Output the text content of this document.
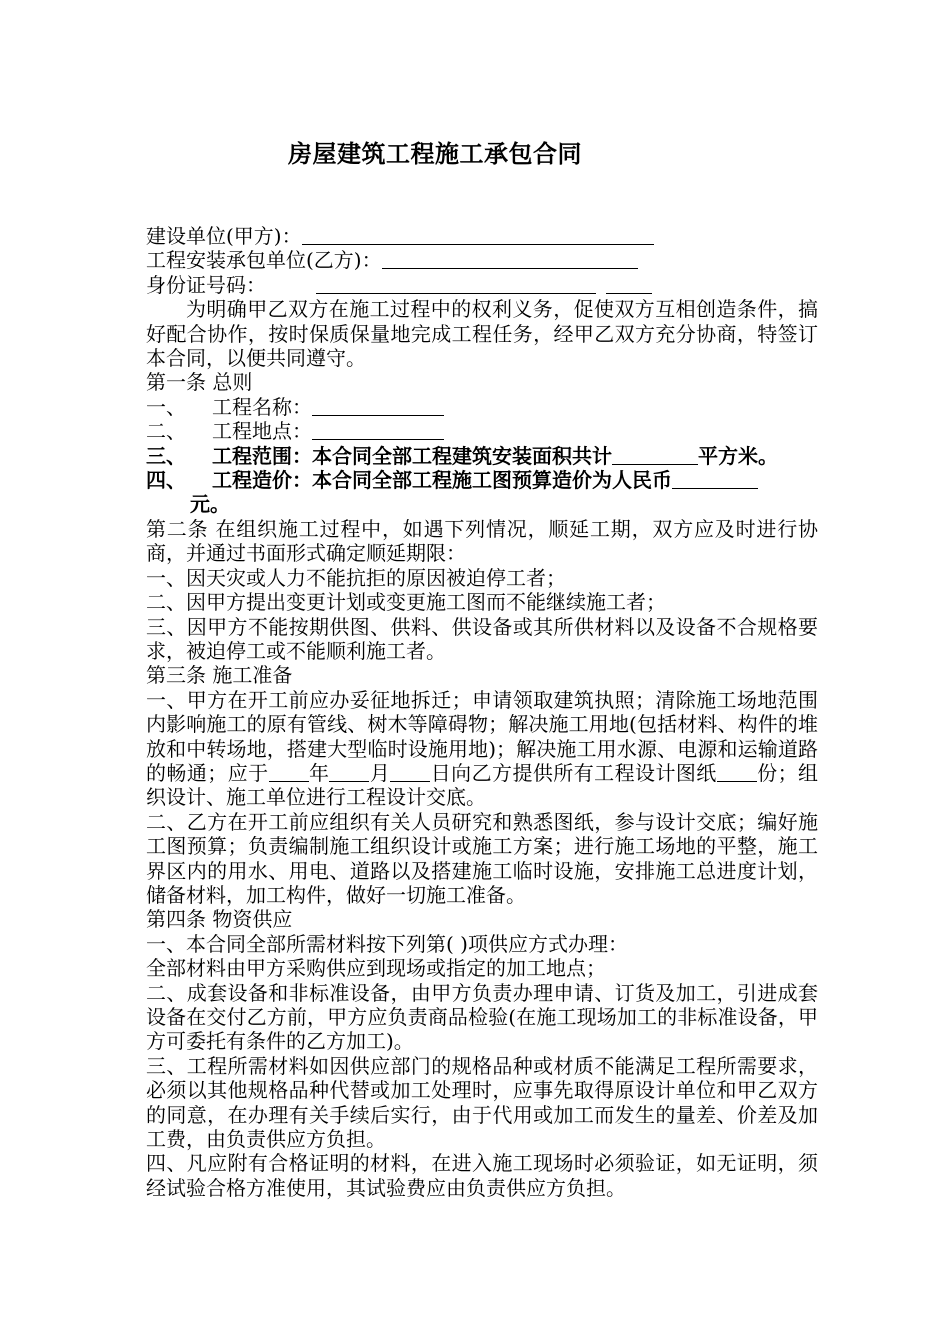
房屋建筑工程施工承包合同
建设单位(甲方)：
工程安装承包单位(乙方)：
身份证号码：
为明确甲乙双方在施工过程中的权利义务，促使双方互相创造条件，搞好配合协作，按时保质保量地完成工程任务，经甲乙双方充分协商，特签订本合同，以便共同遵守。
第一条 总则
一、 工程名称：
二、 工程地点：
三、 工程范围：本合同全部工程建筑安装面积共计	平方米。
四、 工程造价：本合同全部工程施工图预算造价为人民币
元。
第二条 在组织施工过程中，如遇下列情况，顺延工期，双方应及时进行协商，并通过书面形式确定顺延期限：
一、因天灾或人力不能抗拒的原因被迫停工者；
二、因甲方提出变更计划或变更施工图而不能继续施工者；
三、因甲方不能按期供图、供料、供设备或其所供材料以及设备不合规格要求，被迫停工或不能顺利施工者。
第三条 施工准备
一、甲方在开工前应办妥征地拆迁；申请领取建筑执照；清除施工场地范围内影响施工的原有管线、树木等障碍物；解决施工用地(包括材料、构件的堆放和中转场地，搭建大型临时设施用地)；解决施工用水源、电源和运输道路的畅通；应于 年 月 日向乙方提供所有工程设计图纸 份；组织设计、施工单位进行工程设计交底。
二、乙方在开工前应组织有关人员研究和熟悉图纸，参与设计交底；编好施工图预算；负责编制施工组织设计或施工方案；进行施工场地的平整，施工界区内的用水、用电、道路以及搭建施工临时设施，安排施工总进度计划，储备材料，加工构件，做好一切施工准备。
第四条 物资供应
一、本合同全部所需材料按下列第( )项供应方式办理：
全部材料由甲方采购供应到现场或指定的加工地点；
二、成套设备和非标准设备，由甲方负责办理申请、订货及加工，引进成套设备在交付乙方前，甲方应负责商品检验(在施工现场加工的非标准设备，甲方可委托有条件的乙方加工)。
三、工程所需材料如因供应部门的规格品种或材质不能满足工程所需要求，必须以其他规格品种代替或加工处理时，应事先取得原设计单位和甲乙双方的同意，在办理有关手续后实行，由于代用或加工而发生的量差、价差及加工费，由负责供应方负担。
四、凡应附有合格证明的材料，在进入施工现场时必须验证，如无证明，须经试验合格方准使用，其试验费应由负责供应方负担。
